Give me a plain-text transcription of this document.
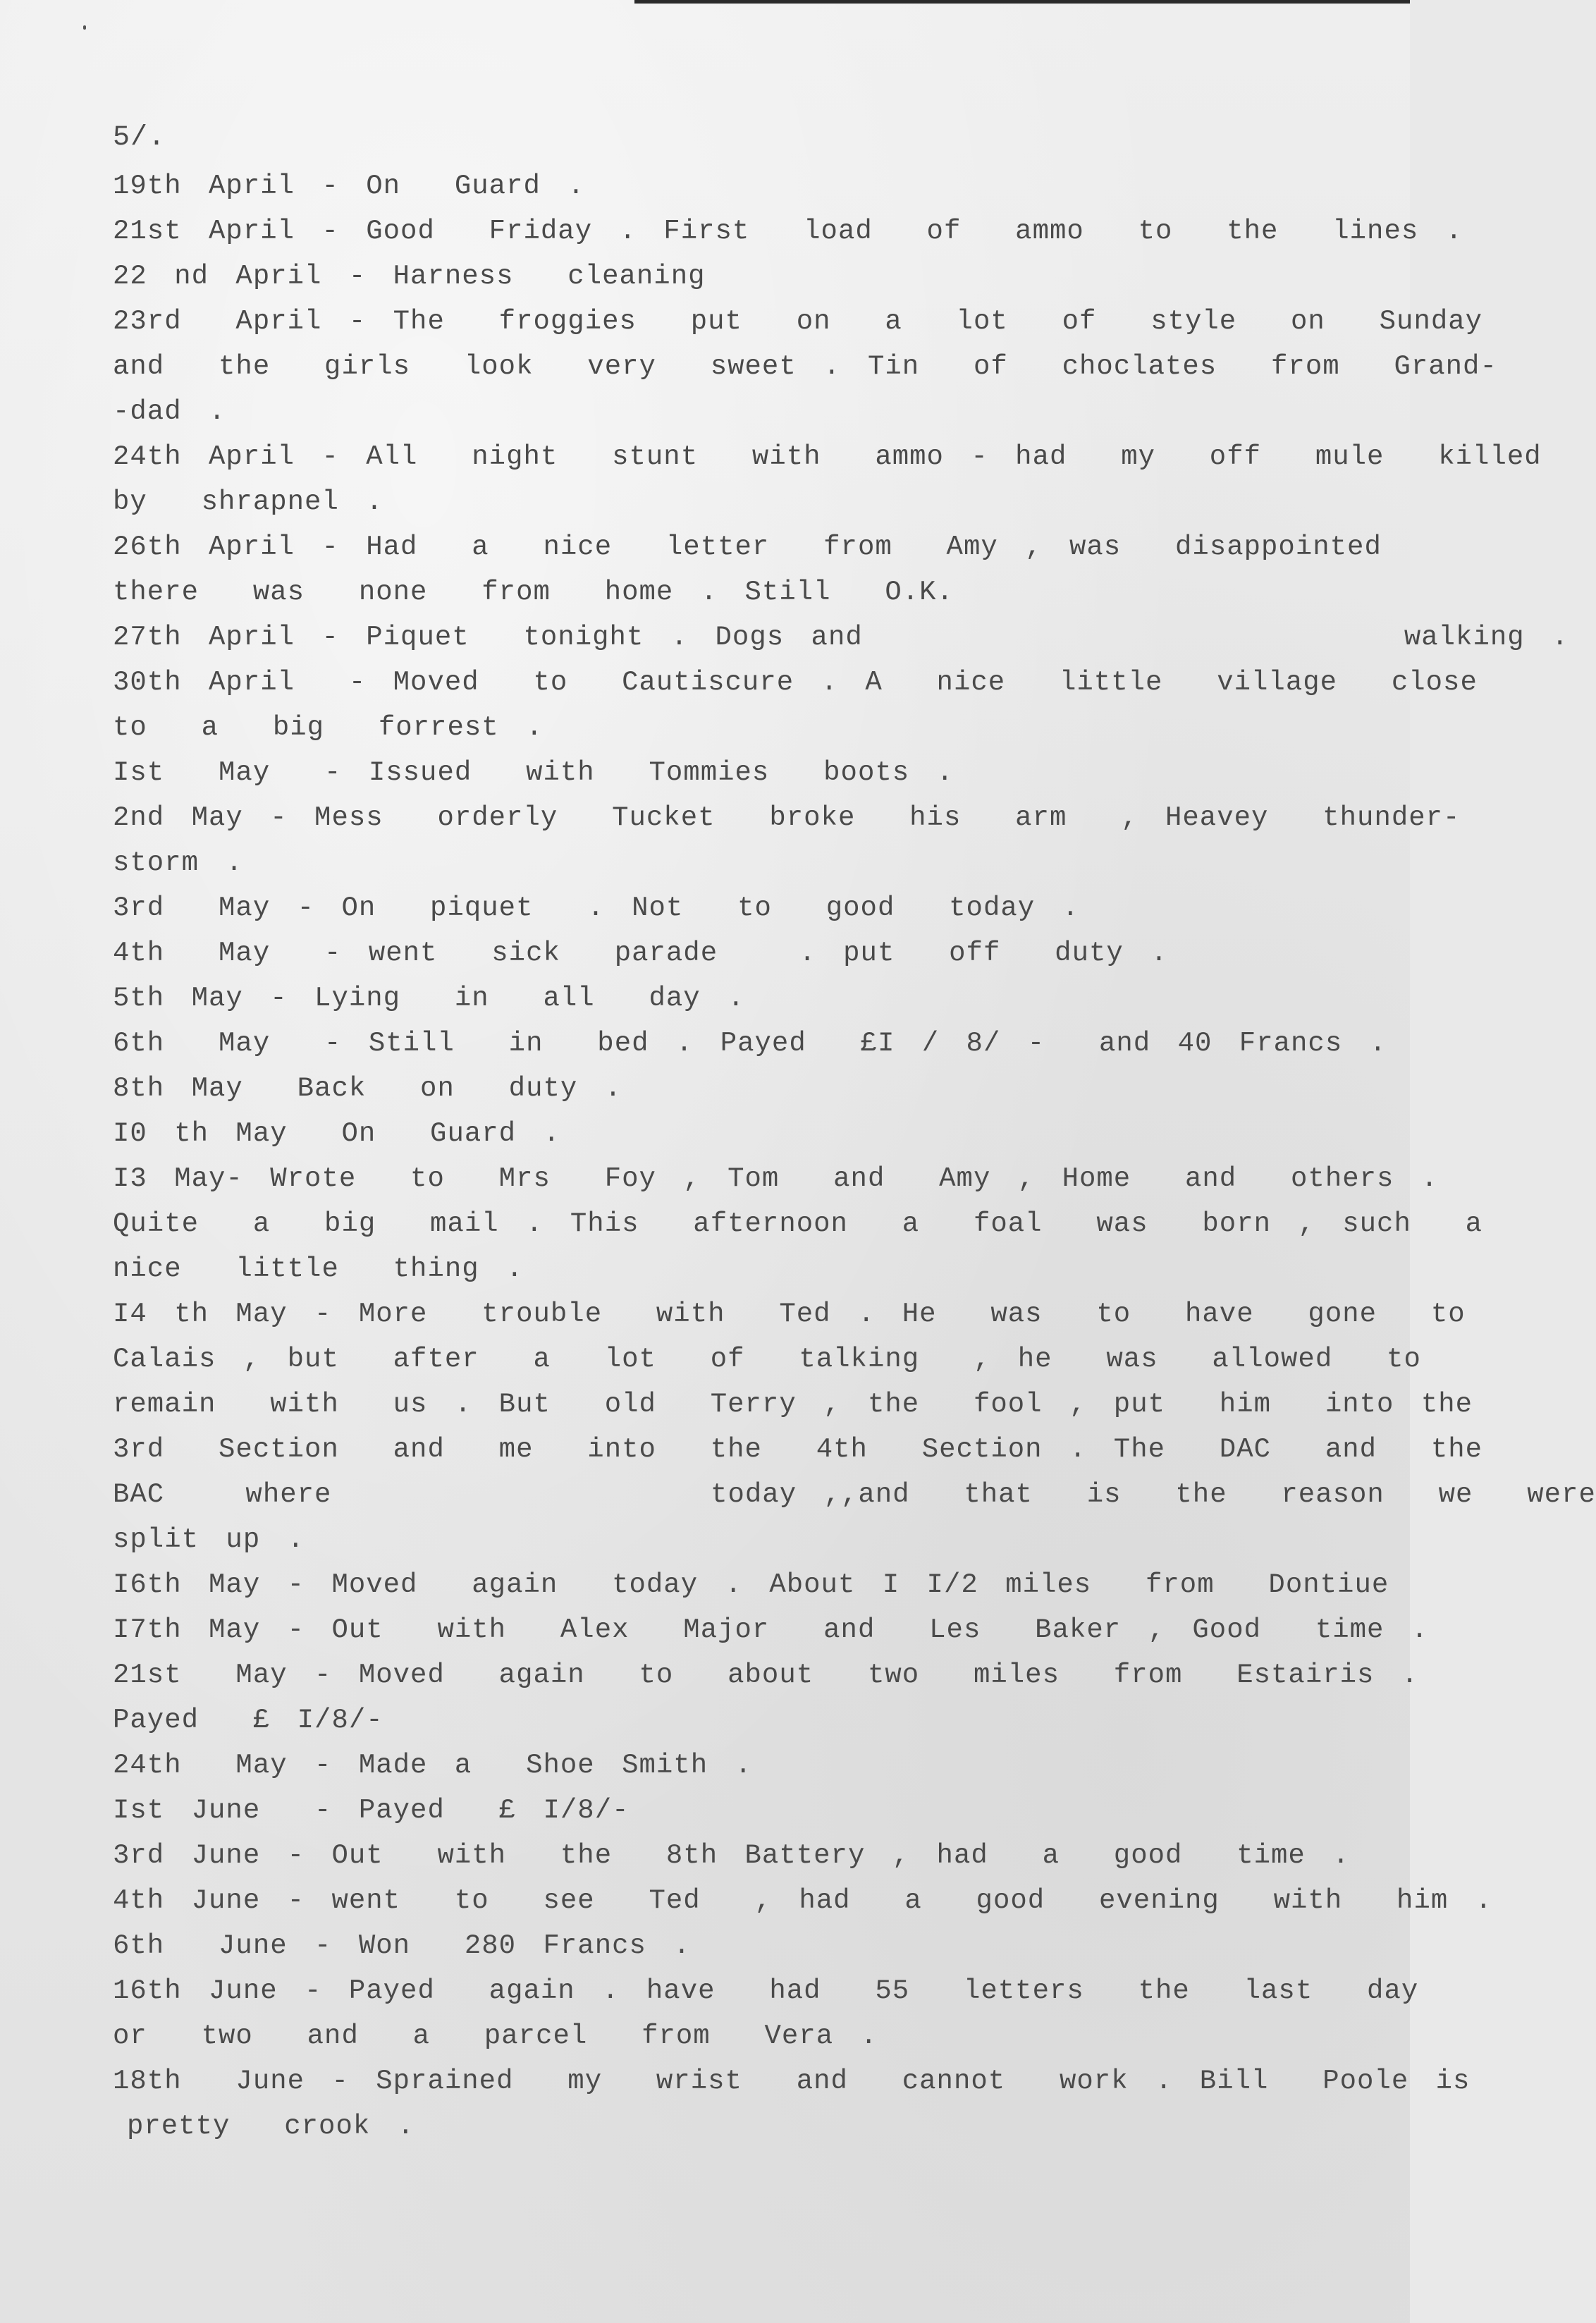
5/.
19th April - On  Guard .
21st April - Good  Friday . First  load  of  ammo  to  the  lines .
22 nd April - Harness  cleaning
23rd  April - The  froggies  put  on  a  lot  of  style  on  Sunday
and  the  girls  look  very  sweet . Tin  of  choclates  from  Grand-
-dad .
24th April - All  night  stunt  with  ammo - had  my  off  mule  killed
by  shrapnel .
26th April - Had  a  nice  letter  from  Amy , was  disappointed
there  was  none  from  home . Still  O.K.
27th April - Piquet  tonight . Dogs and                    walking .
30th April  - Moved  to  Cautiscure . A  nice  little  village  close
to  a  big  forrest .
Ist  May  - Issued  with  Tommies  boots .
2nd May - Mess  orderly  Tucket  broke  his  arm  , Heavey  thunder-
storm .
3rd  May - On  piquet  . Not  to  good  today .
4th  May  - went  sick  parade   . put  off  duty .
5th May - Lying  in  all  day .
6th  May  - Still  in  bed . Payed  £I / 8/ -  and 40 Francs .
8th May  Back  on  duty .
I0 th May  On  Guard .
I3 May- Wrote  to  Mrs  Foy , Tom  and  Amy , Home  and  others .
Quite  a  big  mail . This  afternoon  a  foal  was  born , such  a
nice  little  thing .
I4 th May - More  trouble  with  Ted . He  was  to  have  gone  to
Calais , but  after  a  lot  of  talking  , he  was  allowed  to
remain  with  us . But  old  Terry , the  fool , put  him  into the
3rd  Section  and  me  into  the  4th  Section . The  DAC  and  the
BAC   where              today ,,and  that  is  the  reason  we  were
split up .
I6th May - Moved  again  today . About I I/2 miles  from  Dontiue
I7th May - Out  with  Alex  Major  and  Les  Baker , Good  time .
21st  May - Moved  again  to  about  two  miles  from  Estairis .
Payed  £ I/8/-
24th  May - Made a  Shoe Smith .
Ist June  - Payed  £ I/8/-
3rd June - Out  with  the  8th Battery , had  a  good  time .
4th June - went  to  see  Ted  , had  a  good  evening  with  him .
6th  June - Won  280 Francs .
16th June - Payed  again . have  had  55  letters  the  last  day
or  two  and  a  parcel  from  Vera .
18th  June - Sprained  my  wrist  and  cannot  work . Bill  Poole is
pretty  crook .
